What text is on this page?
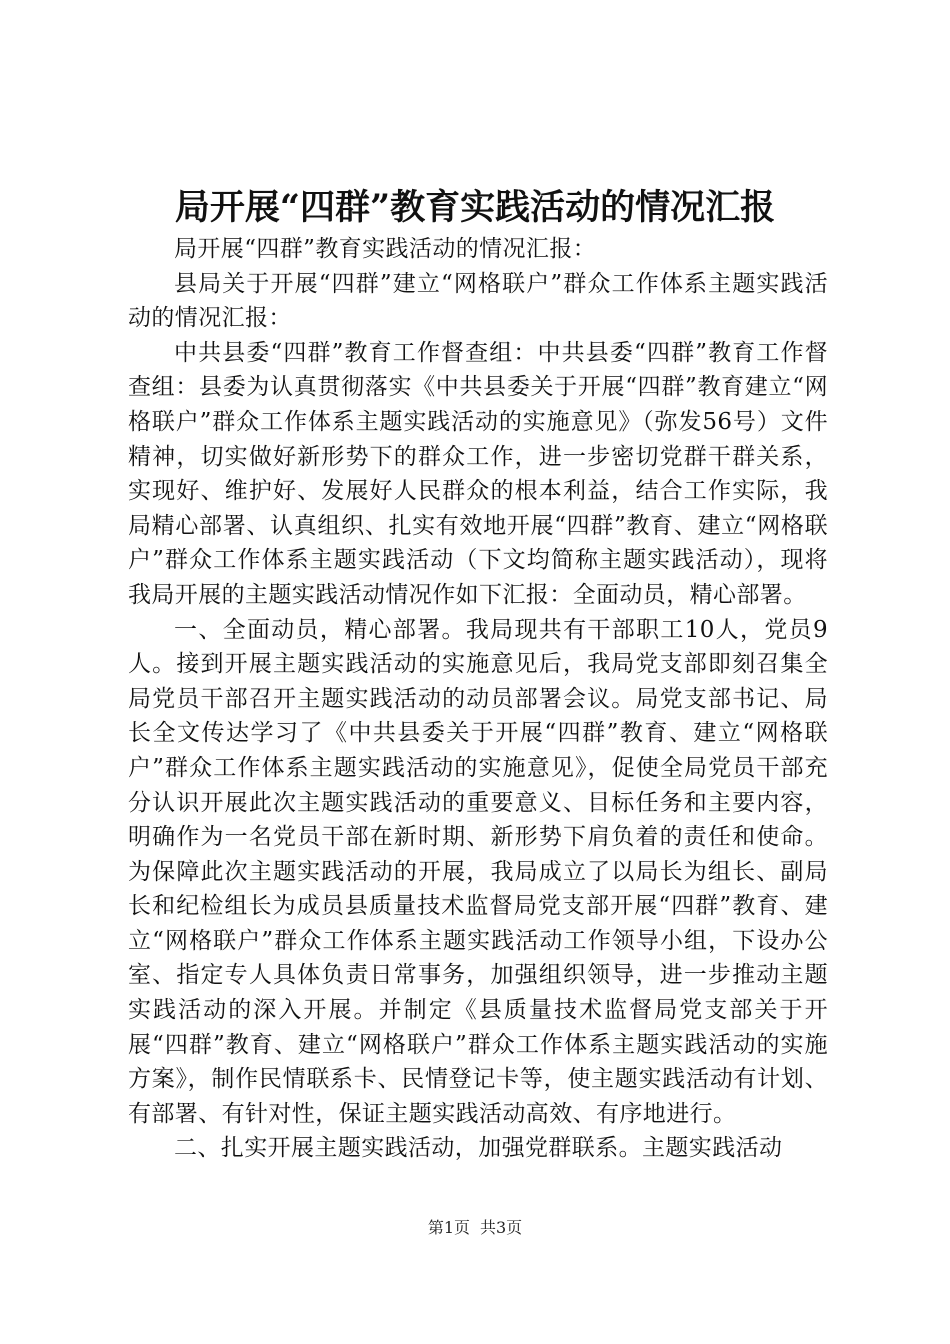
局开展“四群”教育实践活动的情况汇报

局开展“四群”教育实践活动的情况汇报：

县局关于开展“四群”建立“网格联户”群众工作体系主题实践活动的情况汇报：

中共县委“四群”教育工作督查组：中共县委“四群”教育工作督查组：县委为认真贯彻落实《中共县委关于开展“四群”教育建立“网格联户”群众工作体系主题实践活动的实施意见》（弥发56号）文件精神，切实做好新形势下的群众工作，进一步密切党群干群关系，实现好、维护好、发展好人民群众的根本利益，结合工作实际，我局精心部署、认真组织、扎实有效地开展“四群”教育、建立“网格联户”群众工作体系主题实践活动（下文均简称主题实践活动），现将我局开展的主题实践活动情况作如下汇报：全面动员，精心部署。

一、全面动员，精心部署。我局现共有干部职工10人，党员9人。接到开展主题实践活动的实施意见后，我局党支部即刻召集全局党员干部召开主题实践活动的动员部署会议。局党支部书记、局长全文传达学习了《中共县委关于开展“四群”教育、建立“网格联户”群众工作体系主题实践活动的实施意见》，促使全局党员干部充分认识开展此次主题实践活动的重要意义、目标任务和主要内容，明确作为一名党员干部在新时期、新形势下肩负着的责任和使命。为保障此次主题实践活动的开展，我局成立了以局长为组长、副局长和纪检组长为成员县质量技术监督局党支部开展“四群”教育、建立“网格联户”群众工作体系主题实践活动工作领导小组，下设办公室、指定专人具体负责日常事务，加强组织领导，进一步推动主题实践活动的深入开展。并制定《县质量技术监督局党支部关于开展“四群”教育、建立“网格联户”群众工作体系主题实践活动的实施方案》，制作民情联系卡、民情登记卡等，使主题实践活动有计划、有部署、有针对性，保证主题实践活动高效、有序地进行。

二、扎实开展主题实践活动，加强党群联系。主题实践活动

第1页 共3页
